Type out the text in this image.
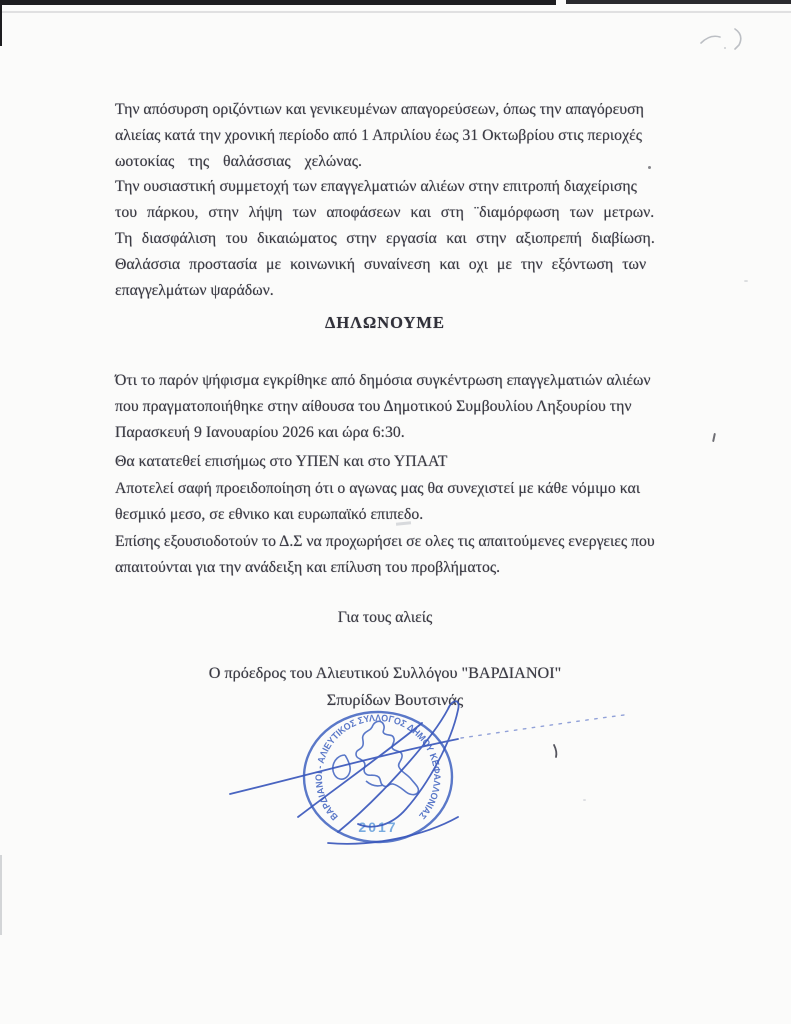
Την απόσυρση οριζόντιων και γενικευμένων απαγορεύσεων, όπως την απαγόρευση
αλιείας κατά την χρονική περίοδο από 1 Απριλίου έως 31 Οκτωβρίου στις περιοχές
ωοτοκίας της θαλάσσιας χελώνας.
Την ουσιαστική συμμετοχή των επαγγελματιών αλιέων στην επιτροπή διαχείρισης
του πάρκου, στην λήψη των αποφάσεων και στη ¨διαμόρφωση των μετρων.
Τη διασφάλιση του δικαιώματος στην εργασία και στην αξιοπρεπή διαβίωση.
Θαλάσσια προστασία με κοινωνική συναίνεση και οχι με την εξόντωση των
επαγγελμάτων ψαράδων.
ΔΗΛΩΝΟΥΜΕ
Ότι το παρόν ψήφισμα εγκρίθηκε από δημόσια συγκέντρωση επαγγελματιών αλιέων
που πραγματοποιήθηκε στην αίθουσα του Δημοτικού Συμβουλίου Ληξουρίου την
Παρασκευή 9 Ιανουαρίου 2026 και ώρα 6:30.
Θα κατατεθεί επισήμως στο ΥΠΕΝ και στο ΥΠΑΑΤ
Αποτελεί σαφή προειδοποίηση ότι ο αγωνας μας θα συνεχιστεί με κάθε νόμιμο και
θεσμικό μεσο, σε εθνικο και ευρωπαϊκό επιπεδο.
Επίσης εξουσιοδοτούν το Δ.Σ να προχωρήσει σε ολες τις απαιτούμενες ενεργειες που
απαιτούνται για την ανάδειξη και επίλυση του προβλήματος.
Για τους αλιείς
Ο πρόεδρος του Αλιευτικού Συλλόγου "ΒΑΡΔΙΑΝΟΙ"
Σπυρίδων Βουτσινάς
ΒΑΡΔΙΑΝΟΙ - ΑΛΙΕΥΤΙΚΟΣ ΣΥΛΛΟΓΟΣ ΔΗΜΟΥ ΚΕΦΑΛΛΟΝΙΑΣ
2017
